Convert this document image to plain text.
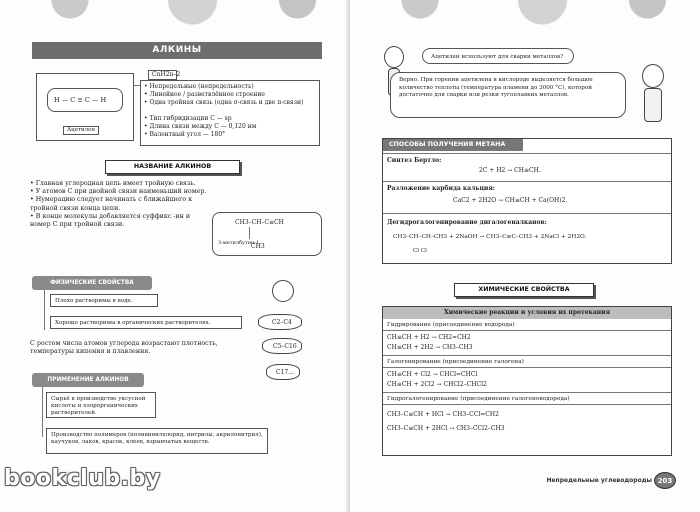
АЛКИНЫ
H — C ≡ C — H
Ацетилен
CnH2n–2
• Непредельные (непредельность)
• Линейное / разветвлённое строение
• Одна тройная связь (одна σ-связь и две π-связи)
• Тип гибридизации С — sp
• Длина связи между С — 0,120 нм
• Валентный угол — 180°
НАЗВАНИЕ АЛКИНОВ
• Главная углеродная цепь имеет тройную связь.
• У атомов С при двойной связи наименьший номер.
• Нумерацию следует начинать с ближайшего к тройной связи конца цепи.
• В конце молекулы добавляется суффикс -ин и номер С при тройной связи.	CH3–CH–C≡CH
3-метилбутин-1
CH3
ФИЗИЧЕСКИЕ СВОЙСТВА
Плохо растворимы в воде.
Хорошо растворимы в органических растворителях.	C2–C4
C5–C16
C17...
С ростом числа атомов углерода возрастают плотность, температуры кипения и плавления.
ПРИМЕНЕНИЕ АЛКИНОВ
Сырьё в производстве уксусной кислоты и хлорорганических растворителей.
Производство полимеров (поливинилхлорид, нитрилы, акрилонитрил), каучуков, лаков, красок, клеев, взрывчатых веществ.
Ацетилен используют для сварки металлов?
Верно. При горении ацетилена в кислороде выделяется большое количество теплоты (температура пламени до 3000 °С), которой достаточно для сварки или резки тугоплавких металлов.
СПОСОБЫ ПОЛУЧЕНИЯ МЕТАНА
Синтез Бертло:
2C + H2 → CH≡CH.
Разложение карбида кальция:
CaC2 + 2H2O → CH≡CH + Ca(OH)2.
Дегидрогалогенирование дигалогеналканов:
CH3–CH–CH–CH3 + 2NaOH → CH3–C≡C–CH3 + 2NaCl + 2H2O.
Cl Cl
ХИМИЧЕСКИЕ СВОЙСТВА
Химические реакции и условия их протекания
Гидрирование (присоединение водорода)
CH≡CH + H2 → CH2=CH2
CH≡CH + 2H2 → CH3–CH3
Галогенирование (присоединение галогена)
CH≡CH + Cl2 → CHCl=CHCl
CH≡CH + 2Cl2 → CHCl2–CHCl2
Гидрогалогенирование (присоединение галогеноводорода)
CH3–C≡CH + HCl → CH3–CCl=CH2
CH3–C≡CH + 2HCl → CH3–CCl2–CH3
Непредельные углеводороды 203
bookclub.by
